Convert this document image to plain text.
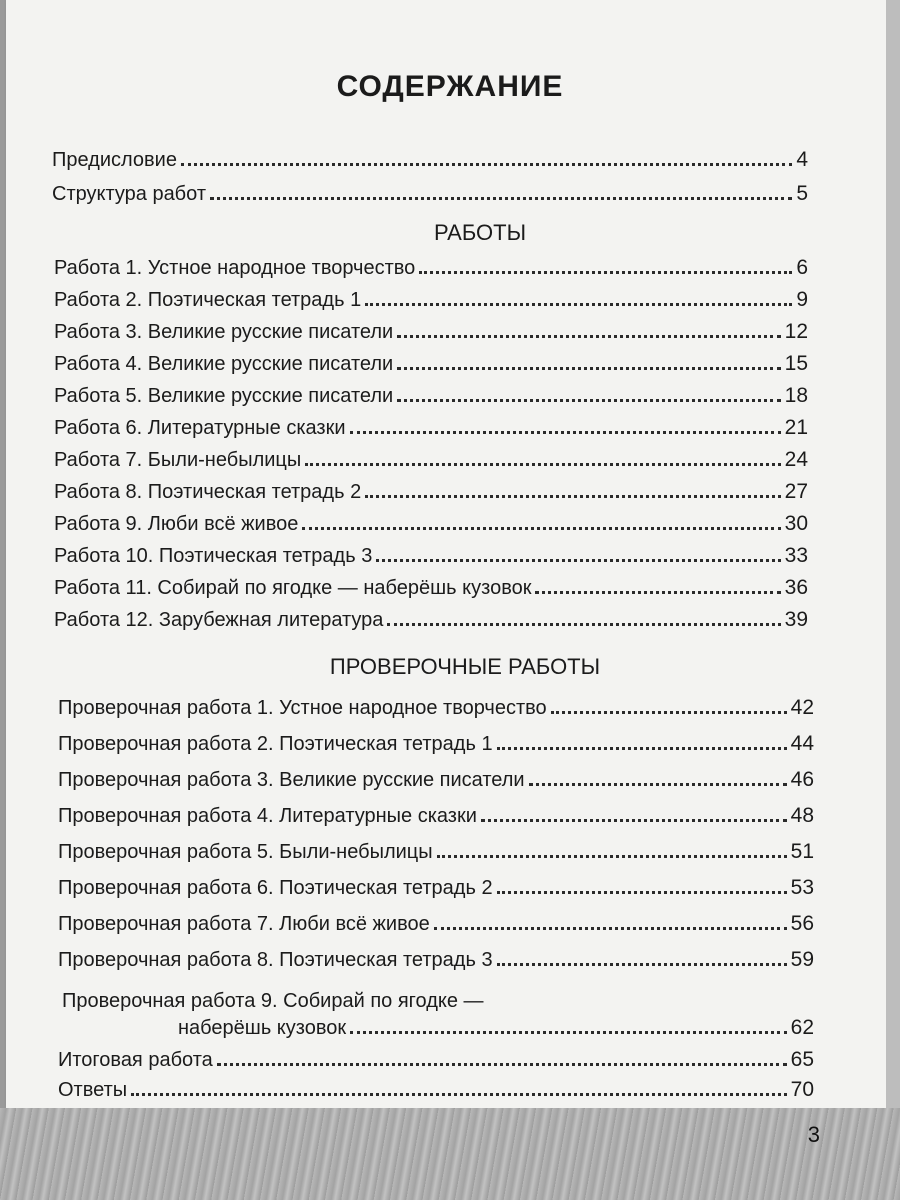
СОДЕРЖАНИЕ
Предисловие	4
Структура работ	5
РАБОТЫ
Работа 1. Устное народное творчество	6
Работа 2. Поэтическая тетрадь 1	9
Работа 3. Великие русские писатели	12
Работа 4. Великие русские писатели	15
Работа 5. Великие русские писатели	18
Работа 6. Литературные сказки	21
Работа 7. Были-небылицы	24
Работа 8. Поэтическая тетрадь 2	27
Работа 9. Люби всё живое	30
Работа 10. Поэтическая тетрадь 3	33
Работа 11. Собирай по ягодке — наберёшь кузовок	36
Работа 12. Зарубежная литература	39
ПРОВЕРОЧНЫЕ РАБОТЫ
Проверочная работа 1. Устное народное творчество	42
Проверочная работа 2. Поэтическая тетрадь 1	44
Проверочная работа 3. Великие русские писатели	46
Проверочная работа 4. Литературные сказки	48
Проверочная работа 5. Были-небылицы	51
Проверочная работа 6. Поэтическая тетрадь 2	53
Проверочная работа 7. Люби всё живое	56
Проверочная работа 8. Поэтическая тетрадь 3	59
Проверочная работа 9. Собирай по ягодке —
наберёшь кузовок	62
Итоговая работа	65
Ответы	70
3
